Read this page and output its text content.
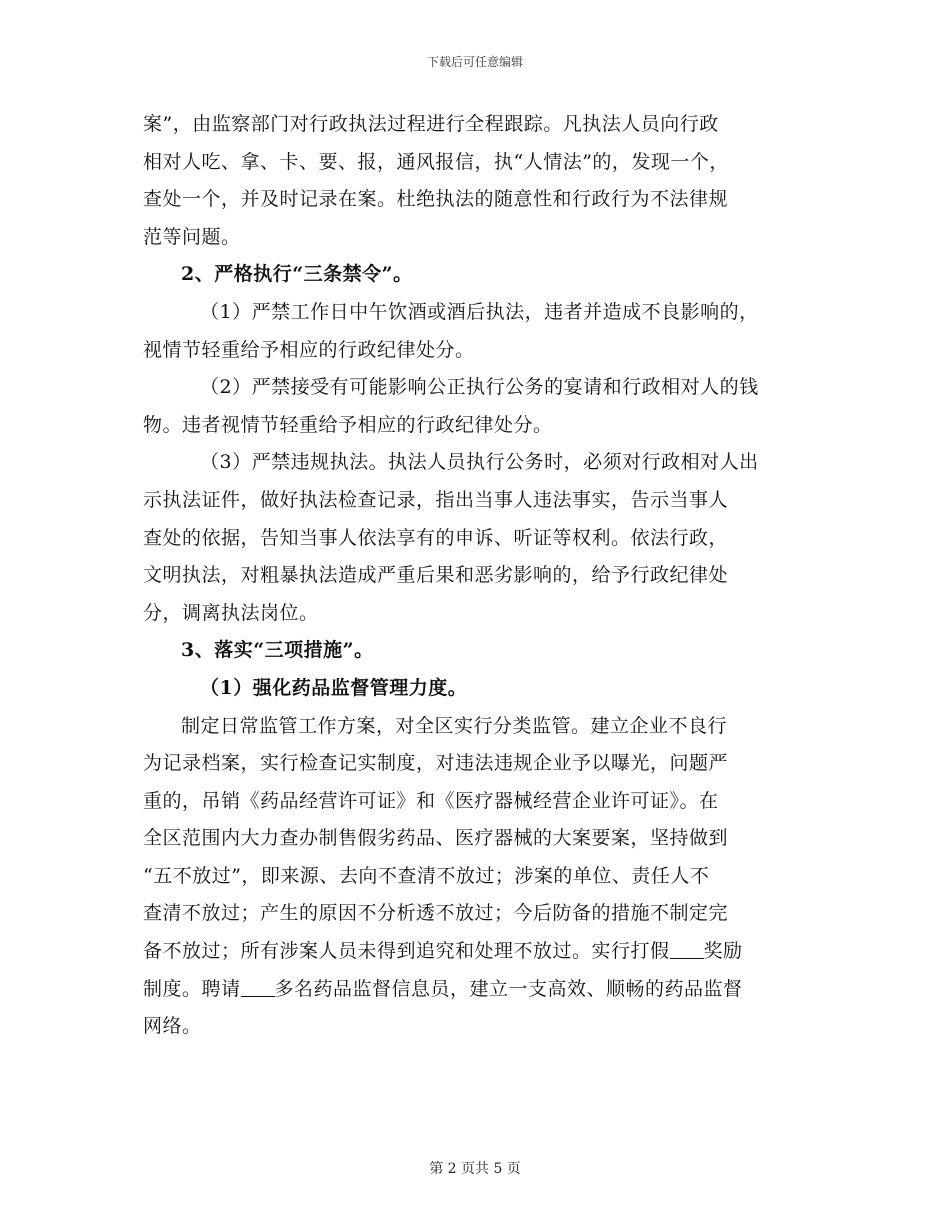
下载后可任意编辑
案”，由监察部门对行政执法过程进行全程跟踪。凡执法人员向行政
相对人吃、拿、卡、要、报，通风报信，执“人情法”的，发现一个，
查处一个，并及时记录在案。杜绝执法的随意性和行政行为不法律规
范等问题。
2、严格执行“三条禁令”。
（1）严禁工作日中午饮酒或酒后执法，违者并造成不良影响的，
视情节轻重给予相应的行政纪律处分。
（2）严禁接受有可能影响公正执行公务的宴请和行政相对人的钱
物。违者视情节轻重给予相应的行政纪律处分。
（3）严禁违规执法。执法人员执行公务时，必须对行政相对人出
示执法证件，做好执法检查记录，指出当事人违法事实，告示当事人
查处的依据，告知当事人依法享有的申诉、听证等权利。依法行政，
文明执法，对粗暴执法造成严重后果和恶劣影响的，给予行政纪律处
分，调离执法岗位。
3、落实“三项措施”。
（1）强化药品监督管理力度。
制定日常监管工作方案，对全区实行分类监管。建立企业不良行
为记录档案，实行检查记实制度，对违法违规企业予以曝光，问题严
重的，吊销《药品经营许可证》和《医疗器械经营企业许可证》。在
全区范围内大力查办制售假劣药品、医疗器械的大案要案，坚持做到
“五不放过”，即来源、去向不查清不放过；涉案的单位、责任人不
查清不放过；产生的原因不分析透不放过；今后防备的措施不制定完
备不放过；所有涉案人员未得到追究和处理不放过。实行打假 奖励
制度。聘请 多名药品监督信息员，建立一支高效、顺畅的药品监督
网络。
第 2 页共 5 页
